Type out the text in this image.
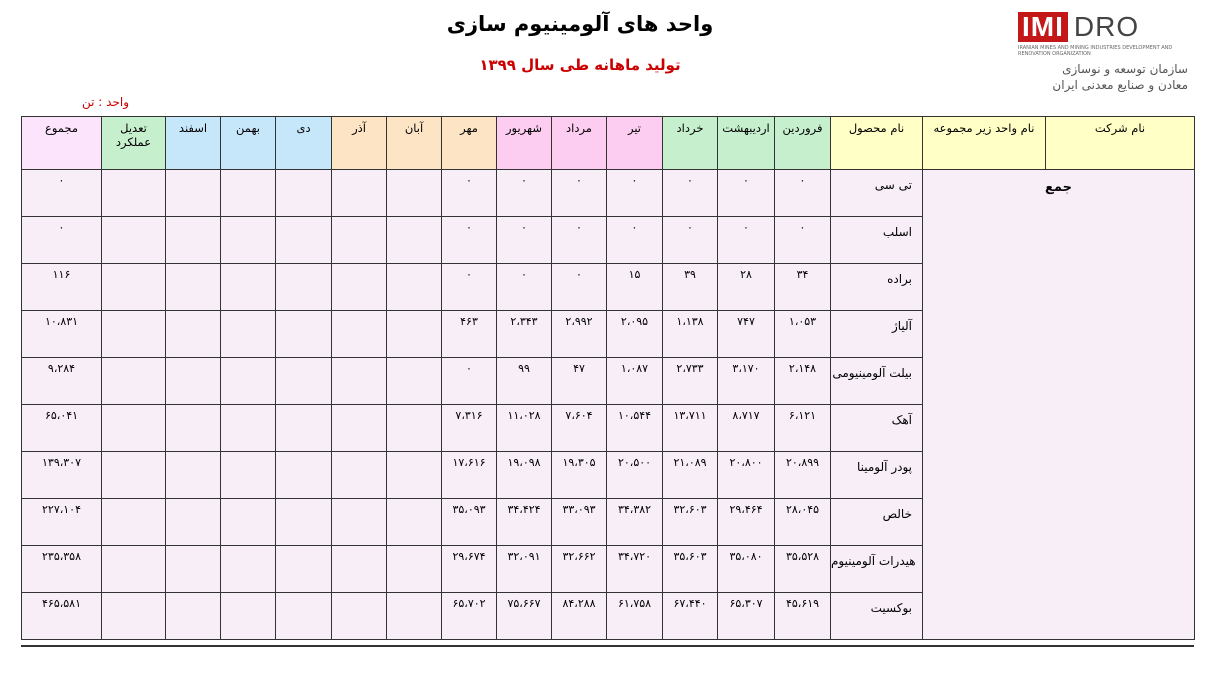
واحد های آلومینیوم سازی
تولید ماهانه طی سال ۱۳۹۹
واحد : تن
IMI DRO
IRANIAN MINES AND MINING INDUSTRIES DEVELOPMENT AND RENOVATION ORGANIZATION
سازمان توسعه و نوسازی
معادن و صنایع معدنی ایران
مجموع	تعدیل عملکرد	اسفند	بهمن	دی	آذر	آبان	مهر	شهریور	مرداد	تیر	خرداد	اردیبهشت	فروردین	نام محصول	نام واحد زیر مجموعه	نام شرکت
۰							۰	۰	۰	۰	۰	۰	۰	تی سی	جمع	
۰							۰	۰	۰	۰	۰	۰	۰	اسلب		
۱۱۶							۰	۰	۰	۱۵	۳۹	۲۸	۳۴	براده		
۱۰،۸۳۱							۴۶۳	۲،۳۴۳	۲،۹۹۲	۲،۰۹۵	۱،۱۳۸	۷۴۷	۱،۰۵۳	آلیاژ		
۹،۲۸۴							۰	۹۹	۴۷	۱،۰۸۷	۲،۷۳۳	۳،۱۷۰	۲،۱۴۸	بیلت آلومینیومی		
۶۵،۰۴۱							۷،۳۱۶	۱۱،۰۲۸	۷،۶۰۴	۱۰،۵۴۴	۱۳،۷۱۱	۸،۷۱۷	۶،۱۲۱	آهک		
۱۳۹،۳۰۷							۱۷،۶۱۶	۱۹،۰۹۸	۱۹،۳۰۵	۲۰،۵۰۰	۲۱،۰۸۹	۲۰،۸۰۰	۲۰،۸۹۹	پودر آلومینا		
۲۲۷،۱۰۴							۳۵،۰۹۳	۳۴،۴۲۴	۳۳،۰۹۳	۳۴،۳۸۲	۳۲،۶۰۳	۲۹،۴۶۴	۲۸،۰۴۵	خالص		
۲۳۵،۳۵۸							۲۹،۶۷۴	۳۲،۰۹۱	۳۲،۶۶۲	۳۴،۷۲۰	۳۵،۶۰۳	۳۵،۰۸۰	۳۵،۵۲۸	هیدرات آلومینیوم		
۴۶۵،۵۸۱							۶۵،۷۰۲	۷۵،۶۶۷	۸۴،۲۸۸	۶۱،۷۵۸	۶۷،۴۴۰	۶۵،۳۰۷	۴۵،۶۱۹	بوکسیت		
